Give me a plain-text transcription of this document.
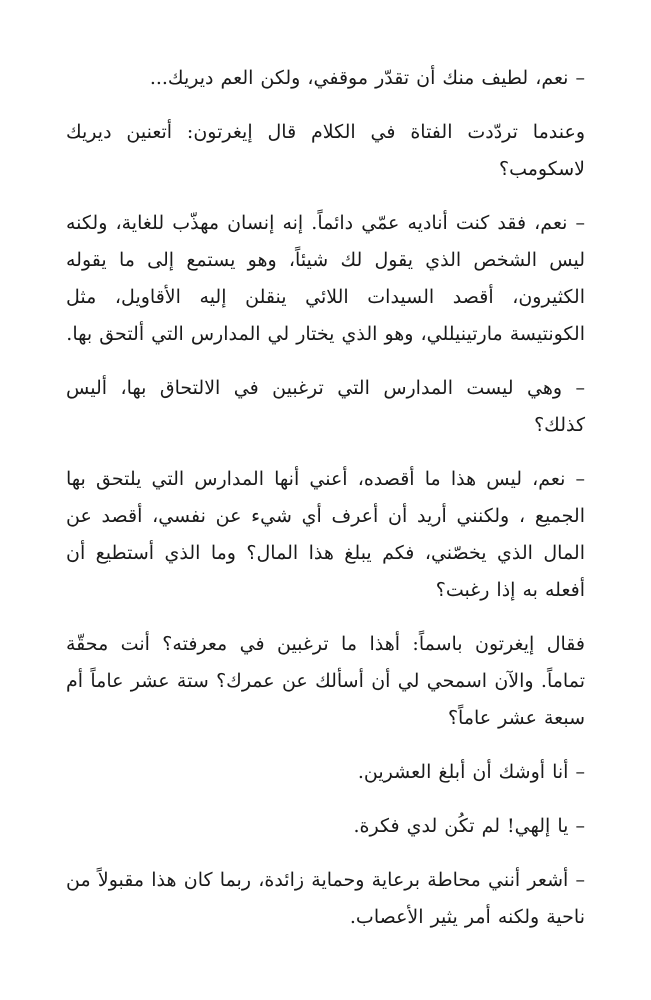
– نعم، لطيف منك أن تقدّر موقفي، ولكن العم ديريك...

وعندما تردّدت الفتاة في الكلام قال إيغرتون: أتعنين ديريك لاسكومب؟

– نعم، فقد كنت أناديه عمّي دائماً. إنه إنسان مهذّب للغاية، ولكنه ليس الشخص الذي يقول لك شيئاً، وهو يستمع إلى ما يقوله الكثيرون، أقصد السيدات اللائي ينقلن إليه الأقاويل، مثل الكونتيسة مارتينيللي، وهو الذي يختار لي المدارس التي ألتحق بها.

– وهي ليست المدارس التي ترغبين في الالتحاق بها، أليس كذلك؟

– نعم، ليس هذا ما أقصده، أعني أنها المدارس التي يلتحق بها الجميع ، ولكنني أريد أن أعرف أي شيء عن نفسي، أقصد عن المال الذي يخصّني، فكم يبلغ هذا المال؟ وما الذي أستطيع أن أفعله به إذا رغبت؟

فقال إيغرتون باسماً: أهذا ما ترغبين في معرفته؟ أنت محقّة تماماً. والآن اسمحي لي أن أسألك عن عمرك؟ ستة عشر عاماً أم سبعة عشر عاماً؟

– أنا أوشك أن أبلغ العشرين.

– يا إلهي! لم تكُن لدي فكرة.

– أشعر أنني محاطة برعاية وحماية زائدة، ربما كان هذا مقبولاً من ناحية ولكنه أمر يثير الأعصاب.
